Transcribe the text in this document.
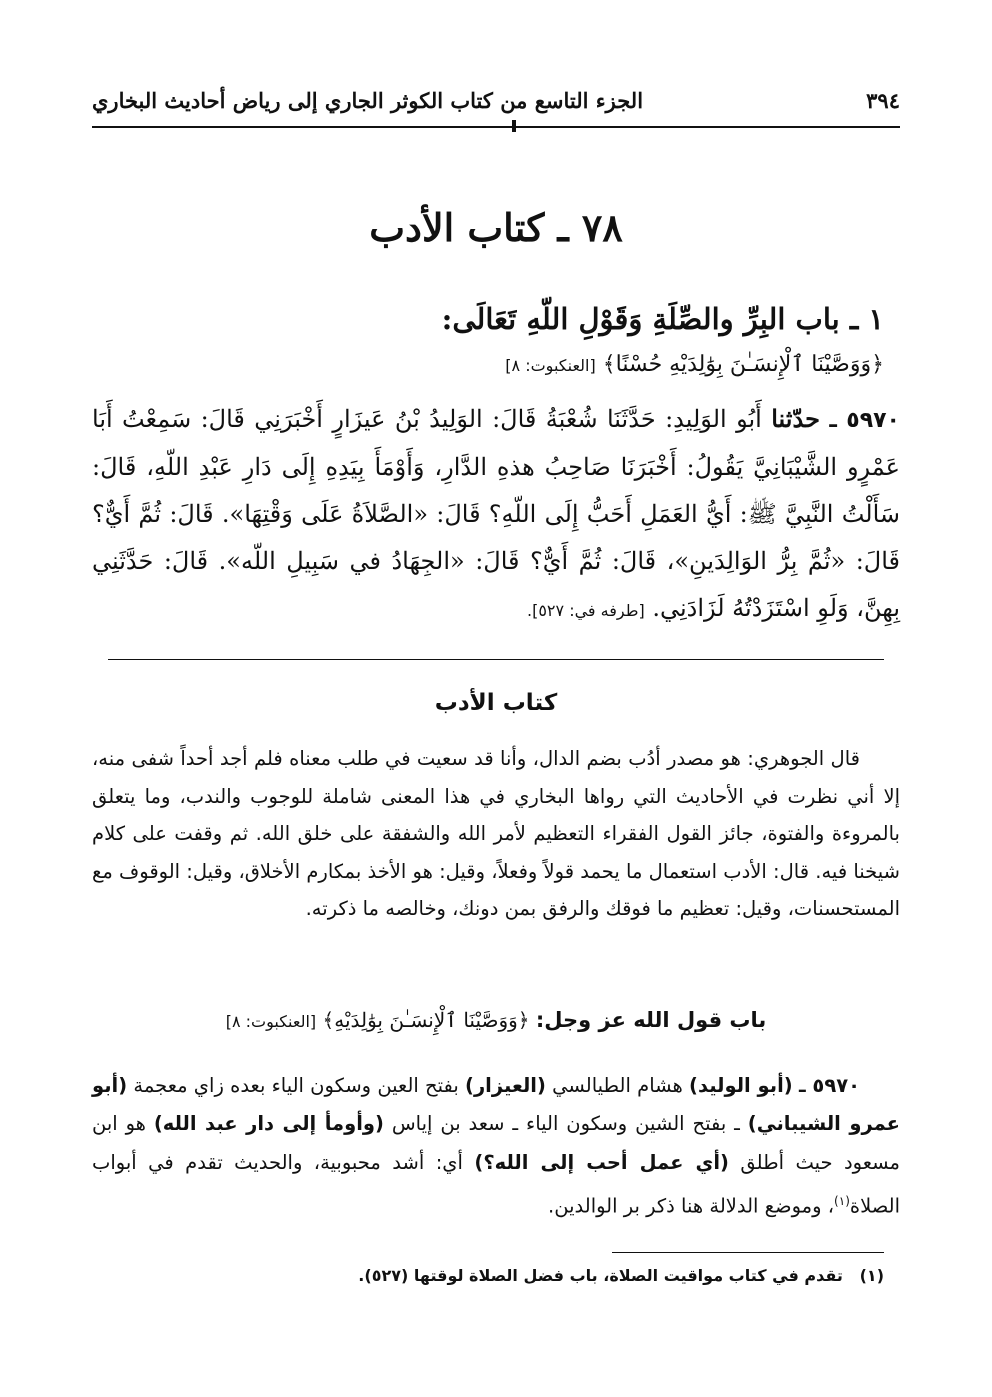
٣٩٤
الجزء التاسع من كتاب الكوثر الجاري إلى رياض أحاديث البخاري
٧٨ ـ كتاب الأدب
١ ـ باب البِرِّ والصِّلَةِ وَقَوْلِ اللّهِ تَعَالَى:

﴿وَوَصَّيْنَا ٱلْإِنسَـٰنَ بِوَٰلِدَيْهِ حُسْنًا﴾ [العنكبوت: ٨]

٥٩٧٠ ـ حدّثنا أَبُو الوَلِيدِ: حَدَّثَنَا شُعْبَةُ قَالَ: الوَلِيدُ بْنُ عَيزَارٍ أَخْبَرَنِي قَالَ: سَمِعْتُ أَبَا عَمْرٍو الشَّيْبَانِيَّ يَقُولُ: أَخْبَرَنَا صَاحِبُ هذهِ الدَّارِ، وَأَوْمَأَ بِيَدِهِ إِلَى دَارِ عَبْدِ اللّهِ، قَالَ: سَأَلْتُ النَّبِيَّ ﷺ: أَيُّ العَمَلِ أَحَبُّ إِلَى اللّهِ؟ قَالَ: «الصَّلاَةُ عَلَى وَقْتِهَا». قَالَ: ثُمَّ أَيٌّ؟ قَالَ: «ثُمَّ بِرُّ الوَالِدَينِ»، قَالَ: ثُمَّ أَيٌّ؟ قَالَ: «الجِهَادُ في سَبِيلِ اللّه». قَالَ: حَدَّثَنِي بِهِنَّ، وَلَوِ اسْتَزَدْتُهُ لَزَادَنِي. [طرفه في: ٥٢٧].

كتاب الأدب

قال الجوهري: هو مصدر أدُب بضم الدال، وأنا قد سعيت في طلب معناه فلم أجد أحداً شفى منه، إلا أني نظرت في الأحاديث التي رواها البخاري في هذا المعنى شاملة للوجوب والندب، وما يتعلق بالمروءة والفتوة، جائز القول الفقراء التعظيم لأمر الله والشفقة على خلق الله. ثم وقفت على كلام شيخنا فيه. قال: الأدب استعمال ما يحمد قولاً وفعلاً، وقيل: هو الأخذ بمكارم الأخلاق، وقيل: الوقوف مع المستحسنات، وقيل: تعظيم ما فوقك والرفق بمن دونك، وخالصه ما ذكرته.

باب قول الله عز وجل: ﴿وَوَصَّيْنَا ٱلْإِنسَـٰنَ بِوَٰلِدَيْهِ﴾ [العنكبوت: ٨]

٥٩٧٠ ـ (أبو الوليد) هشام الطيالسي (العيزار) بفتح العين وسكون الياء بعده زاي معجمة (أبو عمرو الشيباني) ـ بفتح الشين وسكون الياء ـ سعد بن إياس (وأومأ إلى دار عبد الله) هو ابن مسعود حيث أطلق (أي عمل أحب إلى الله؟) أي: أشد محبوبية، والحديث تقدم في أبواب الصلاة$^{(١)}$، وموضع الدلالة هنا ذكر بر الوالدين.

(١)   تقدم في كتاب مواقيت الصلاة، باب فضل الصلاة لوقتها (٥٢٧).
